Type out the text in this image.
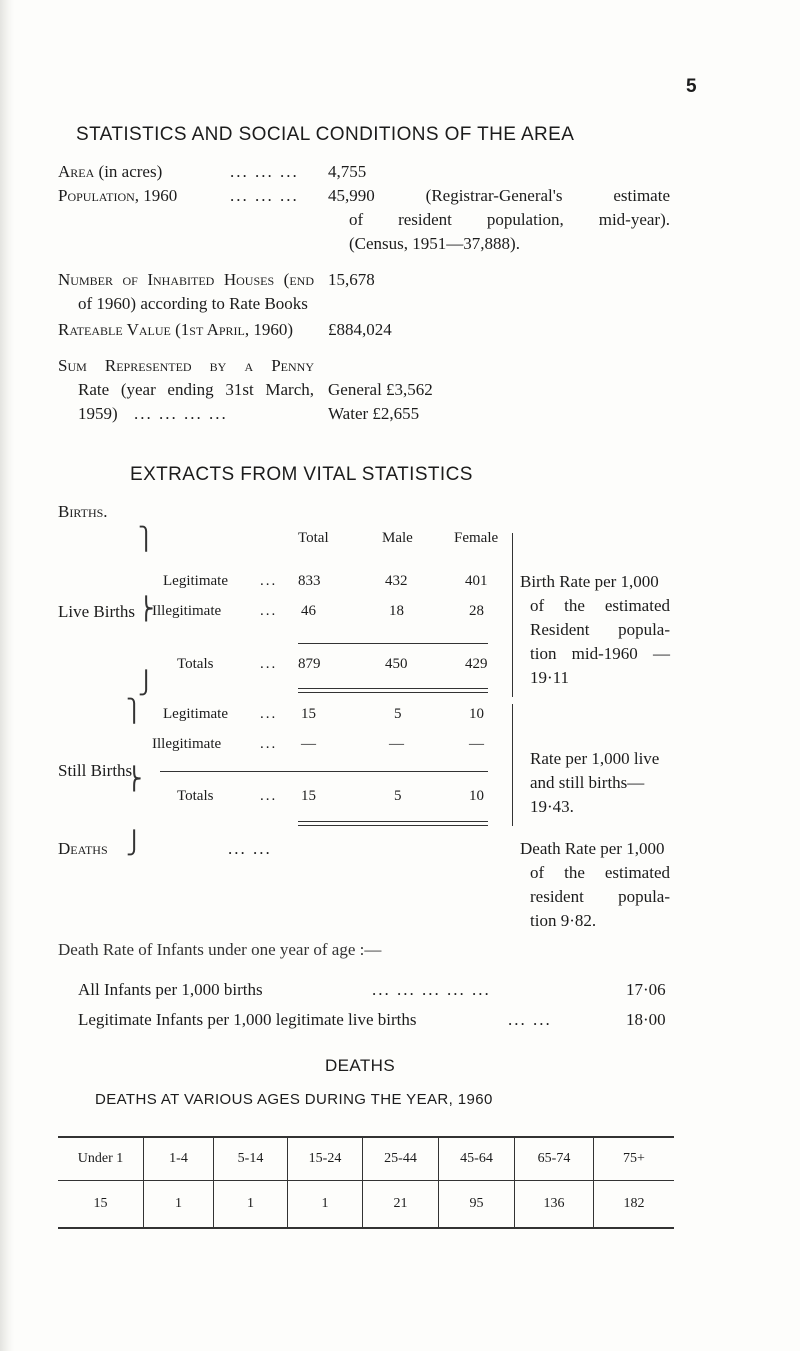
5
STATISTICS AND SOCIAL CONDITIONS OF THE AREA
Area (in acres)	... ... ... 4,755
Population, 1960	... ... ... 45,990 (Registrar-General's estimate
of resident population, mid-year).
(Census, 1951—37,888).
Number of Inhabited Houses (end
of 1960) according to Rate Books
15,678
Rateable Value (1st April, 1960) £884,024
Sum Represented by a Penny
Rate (year ending 31st March,
1959) ... ... ... ...
General £3,562
Water £2,655
EXTRACTS FROM VITAL STATISTICS
Births.
Total	Male	Female
⎫
⎬
⎭
⎫
⎬
⎭
Live Births
Legitimate ... 833	432	401
Illegitimate	... 46	18	28
Totals	... 879	450	429
Still Births
Legitimate ... 15	5	10
Illegitimate	... —	—	—
Totals	... 15	5	10
Birth Rate per 1,000
of the estimated
Resident popula-
tion mid-1960 —
19·11
Rate per 1,000 live
and still births—
19·43.
Deaths	... ...	Death Rate per 1,000
of the estimated
resident popula-
tion 9·82.
Death Rate of Infants under one year of age :—
All Infants per 1,000 births	... ... ... ... ...	17·06
Legitimate Infants per 1,000 legitimate live births	... ...	18·00
DEATHS
DEATHS AT VARIOUS AGES DURING THE YEAR, 1960
Under 1	1-4	5-14	15-24	25-44	45-64	65-74	75+
15	1	1	1	21	95	136	182
